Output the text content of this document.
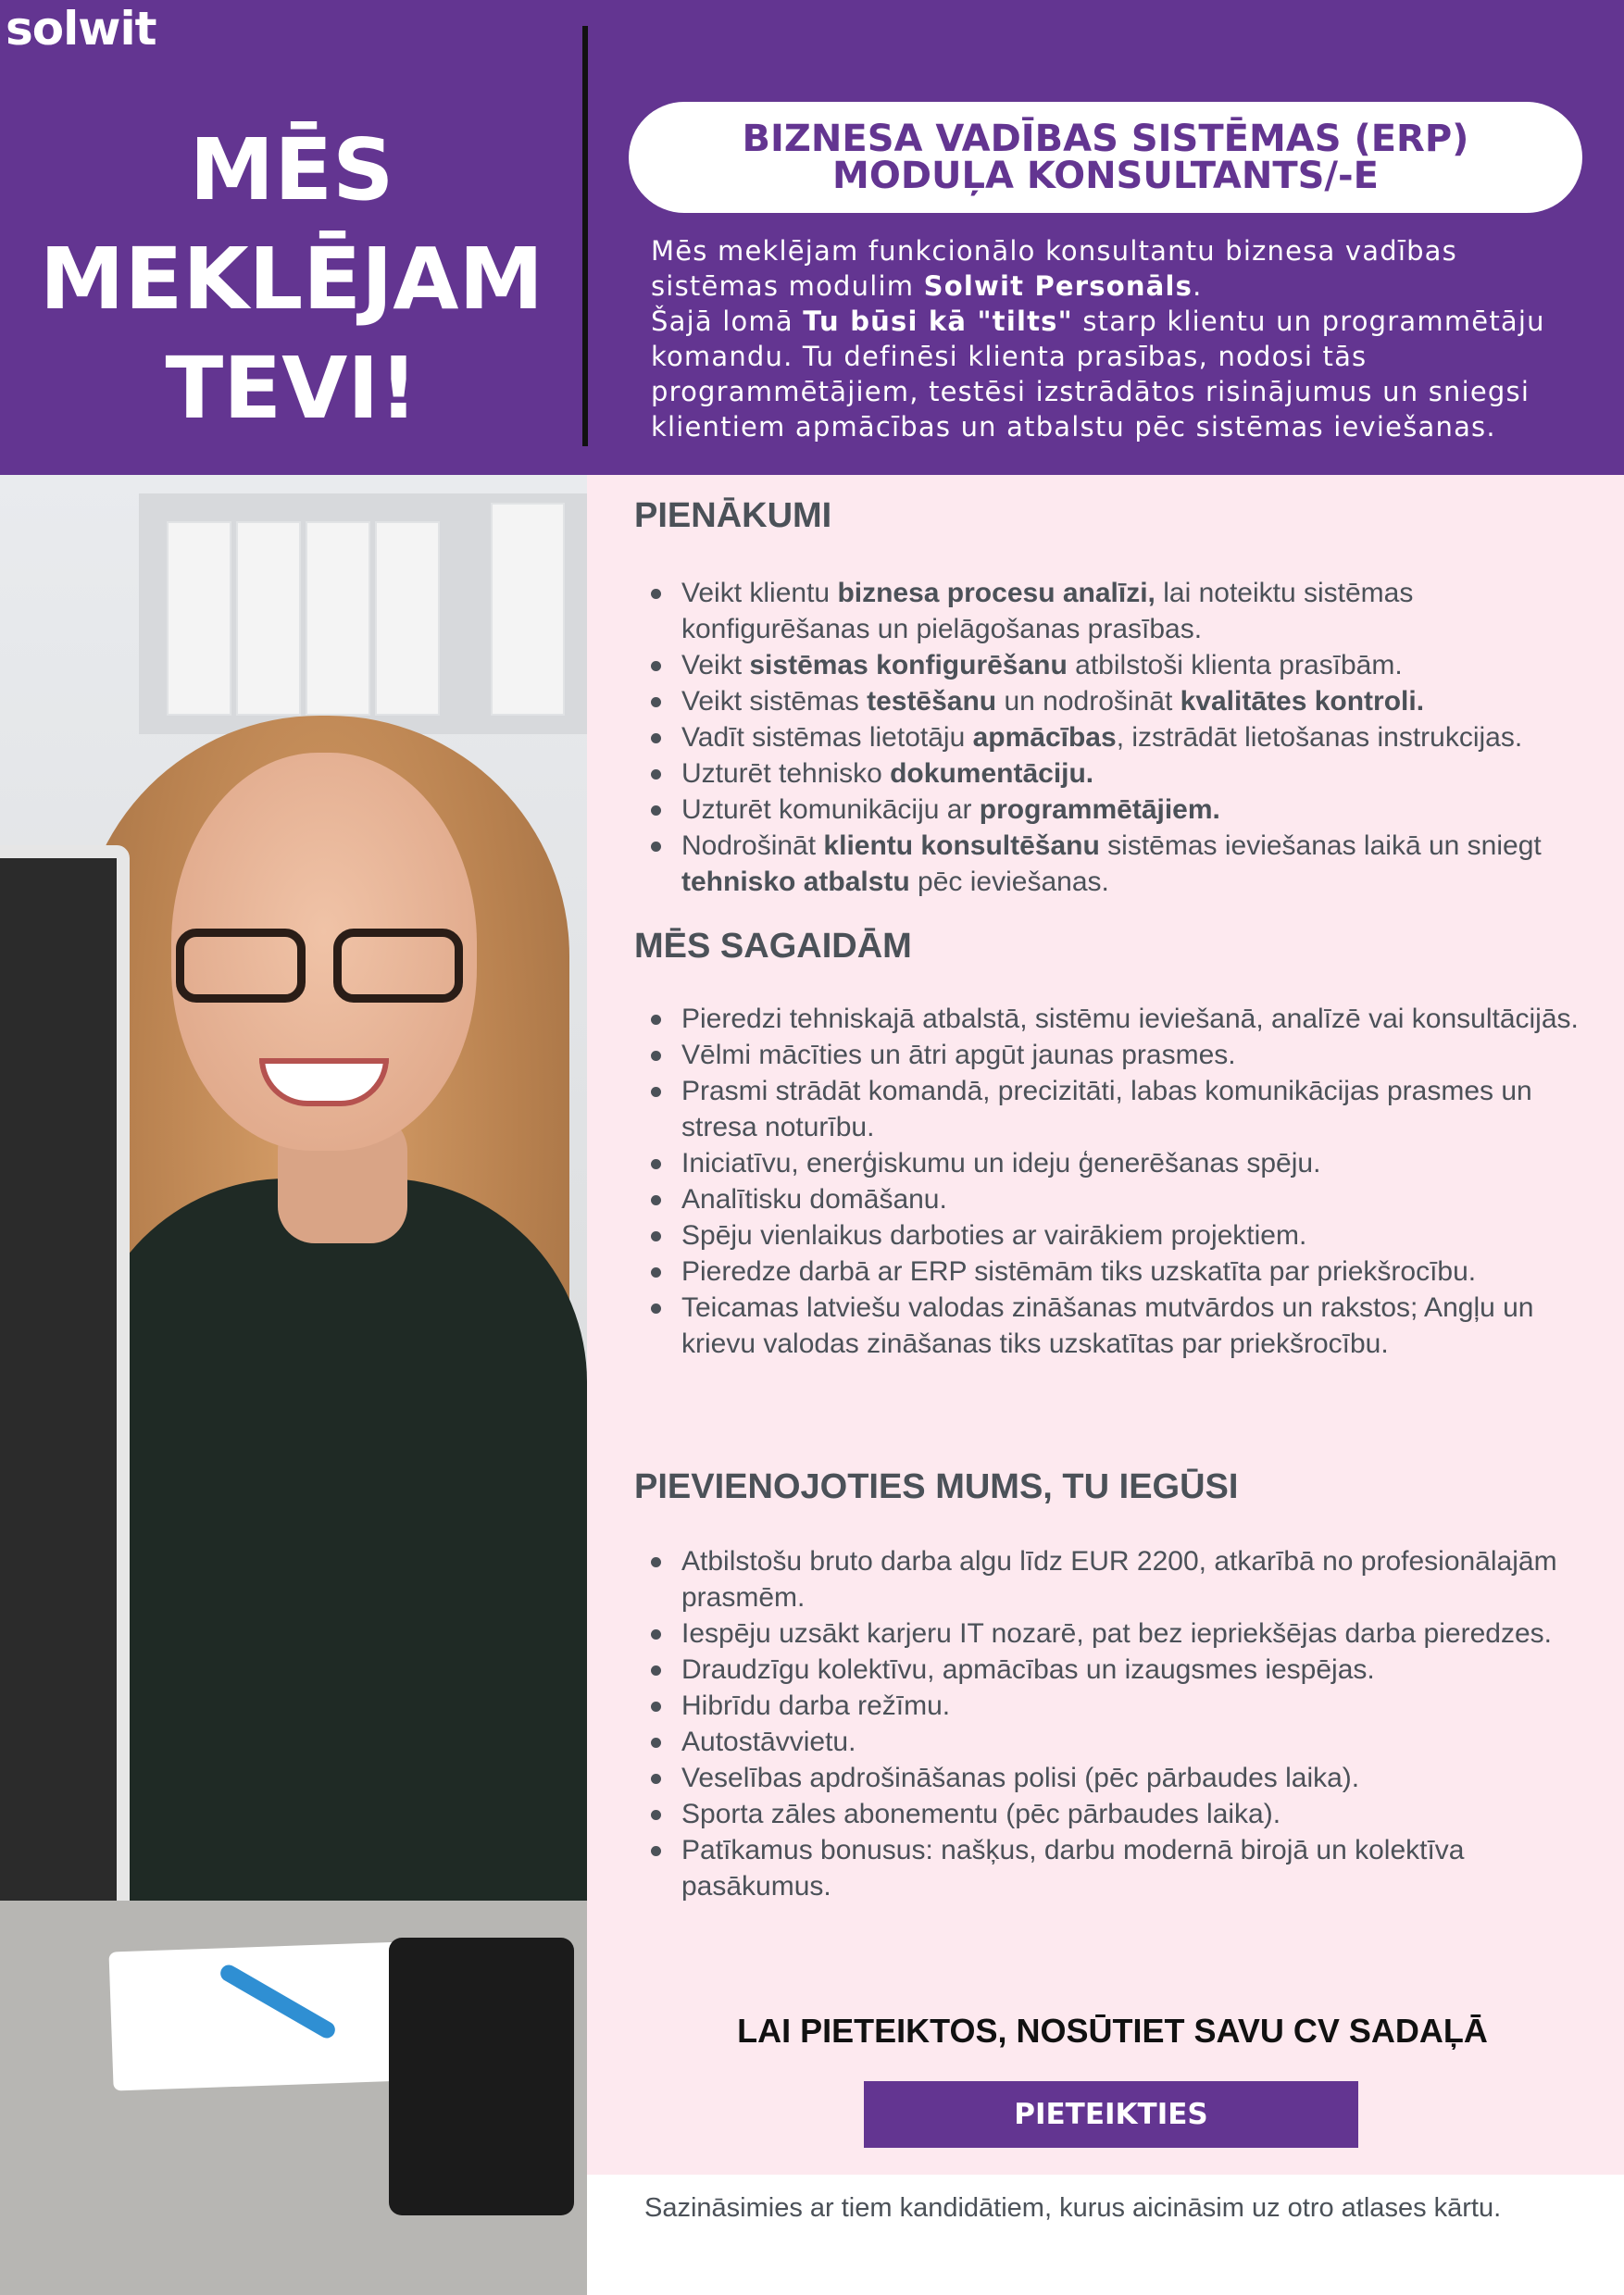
solwit
MĒS
MEKLĒJAM
TEVI!
BIZNESA VADĪBAS SISTĒMAS (ERP) MODUĻA KONSULTANTS/-E
Mēs meklējam funkcionālo konsultantu biznesa vadības sistēmas modulim Solwit Personāls.
Šajā lomā Tu būsi kā "tilts" starp klientu un programmētāju komandu. Tu definēsi klienta prasības, nodosi tās programmētājiem, testēsi izstrādātos risinājumus un sniegsi klientiem apmācības un atbalstu pēc sistēmas ieviešanas.
PIENĀKUMI
Veikt klientu biznesa procesu analīzi, lai noteiktu sistēmas konfigurēšanas un pielāgošanas prasības.
Veikt sistēmas konfigurēšanu atbilstoši klienta prasībām.
Veikt sistēmas testēšanu un nodrošināt kvalitātes kontroli.
Vadīt sistēmas lietotāju apmācības, izstrādāt lietošanas instrukcijas.
Uzturēt tehnisko dokumentāciju.
Uzturēt komunikāciju ar programmētājiem.
Nodrošināt klientu konsultēšanu sistēmas ieviešanas laikā un sniegt tehnisko atbalstu pēc ieviešanas.
MĒS SAGAIDĀM
Pieredzi tehniskajā atbalstā, sistēmu ieviešanā, analīzē vai konsultācijās.
Vēlmi mācīties un ātri apgūt jaunas prasmes.
Prasmi strādāt komandā, precizitāti, labas komunikācijas prasmes un stresa noturību.
Iniciatīvu, enerģiskumu un ideju ģenerēšanas spēju.
Analītisku domāšanu.
Spēju vienlaikus darboties ar vairākiem projektiem.
Pieredze darbā ar ERP sistēmām tiks uzskatīta par priekšrocību.
Teicamas latviešu valodas zināšanas mutvārdos un rakstos; Angļu un krievu valodas zināšanas tiks uzskatītas par priekšrocību.
PIEVIENOJOTIES MUMS, TU IEGŪSI
Atbilstošu bruto darba algu līdz EUR 2200, atkarībā no profesionālajām prasmēm.
Iespēju uzsākt karjeru IT nozarē, pat bez iepriekšējas darba pieredzes.
Draudzīgu kolektīvu, apmācības un izaugsmes iespējas.
Hibrīdu darba režīmu.
Autostāvvietu.
Veselības apdrošināšanas polisi (pēc pārbaudes laika).
Sporta zāles abonementu (pēc pārbaudes laika).
Patīkamus bonusus: našķus, darbu modernā birojā un kolektīva pasākumus.
LAI PIETEIKTOS, NOSŪTIET SAVU CV SADAĻĀ
PIETEIKTIES
Sazināsimies ar tiem kandidātiem, kurus aicināsim uz otro atlases kārtu.
